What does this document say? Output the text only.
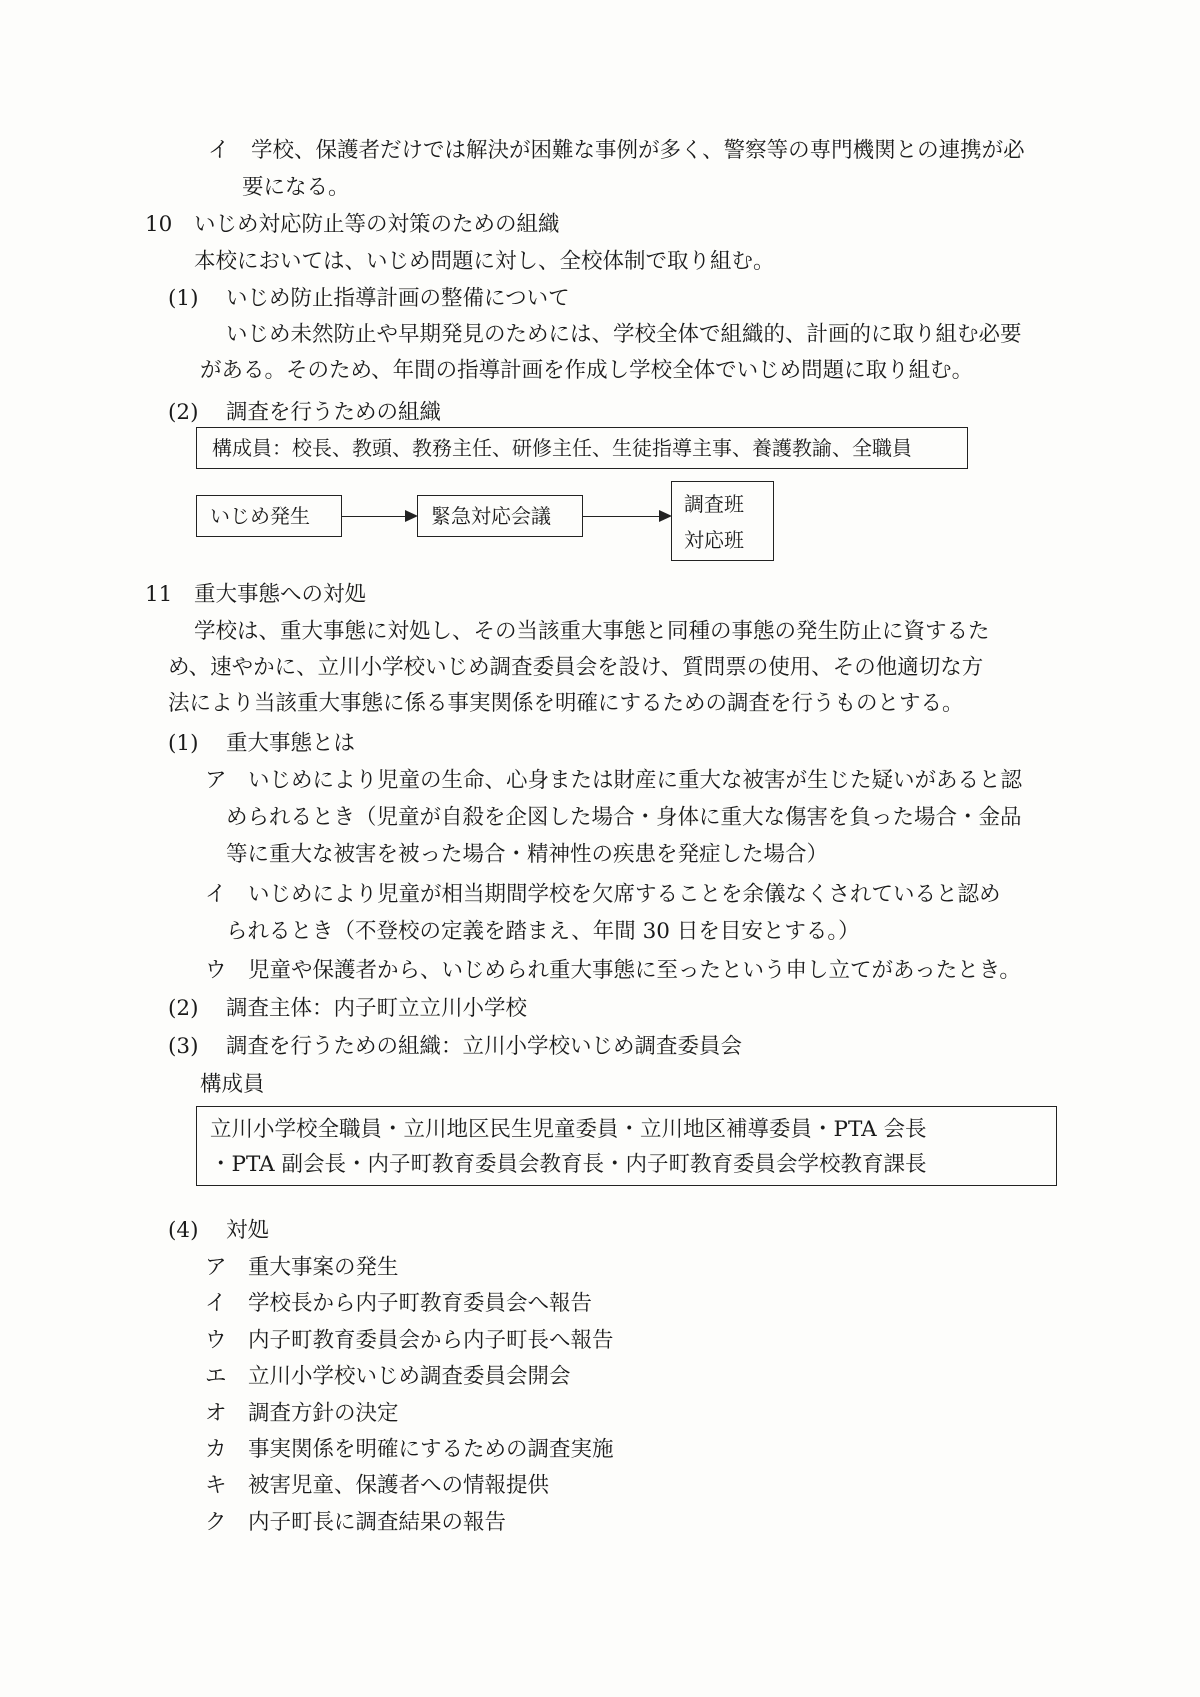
イ　学校、保護者だけでは解決が困難な事例が多く、警察等の専門機関との連携が必
要になる。
10 いじめ対応防止等の対策のための組織
本校においては、いじめ問題に対し、全校体制で取り組む。
(1) いじめ防止指導計画の整備について
いじめ未然防止や早期発見のためには、学校全体で組織的、計画的に取り組む必要
がある。そのため、年間の指導計画を作成し学校全体でいじめ問題に取り組む。
(2) 調査を行うための組織
構成員：校長、教頭、教務主任、研修主任、生徒指導主事、養護教諭、全職員
いじめ発生	緊急対応会議	調査班
対応班
11 重大事態への対処
学校は、重大事態に対処し、その当該重大事態と同種の事態の発生防止に資するた
め、速やかに、立川小学校いじめ調査委員会を設け、質問票の使用、その他適切な方
法により当該重大事態に係る事実関係を明確にするための調査を行うものとする。
(1) 重大事態とは
ア　いじめにより児童の生命、心身または財産に重大な被害が生じた疑いがあると認
められるとき（児童が自殺を企図した場合・身体に重大な傷害を負った場合・金品
等に重大な被害を被った場合・精神性の疾患を発症した場合）
イ　いじめにより児童が相当期間学校を欠席することを余儀なくされていると認め
られるとき（不登校の定義を踏まえ、年間 30 日を目安とする。）
ウ　児童や保護者から、いじめられ重大事態に至ったという申し立てがあったとき。
(2) 調査主体：内子町立立川小学校
(3) 調査を行うための組織：立川小学校いじめ調査委員会
構成員
立川小学校全職員・立川地区民生児童委員・立川地区補導委員・PTA 会長
・PTA 副会長・内子町教育委員会教育長・内子町教育委員会学校教育課長
(4) 対処
ア　重大事案の発生
イ　学校長から内子町教育委員会へ報告
ウ　内子町教育委員会から内子町長へ報告
エ　立川小学校いじめ調査委員会開会
オ　調査方針の決定
カ　事実関係を明確にするための調査実施
キ　被害児童、保護者への情報提供
ク　内子町長に調査結果の報告
